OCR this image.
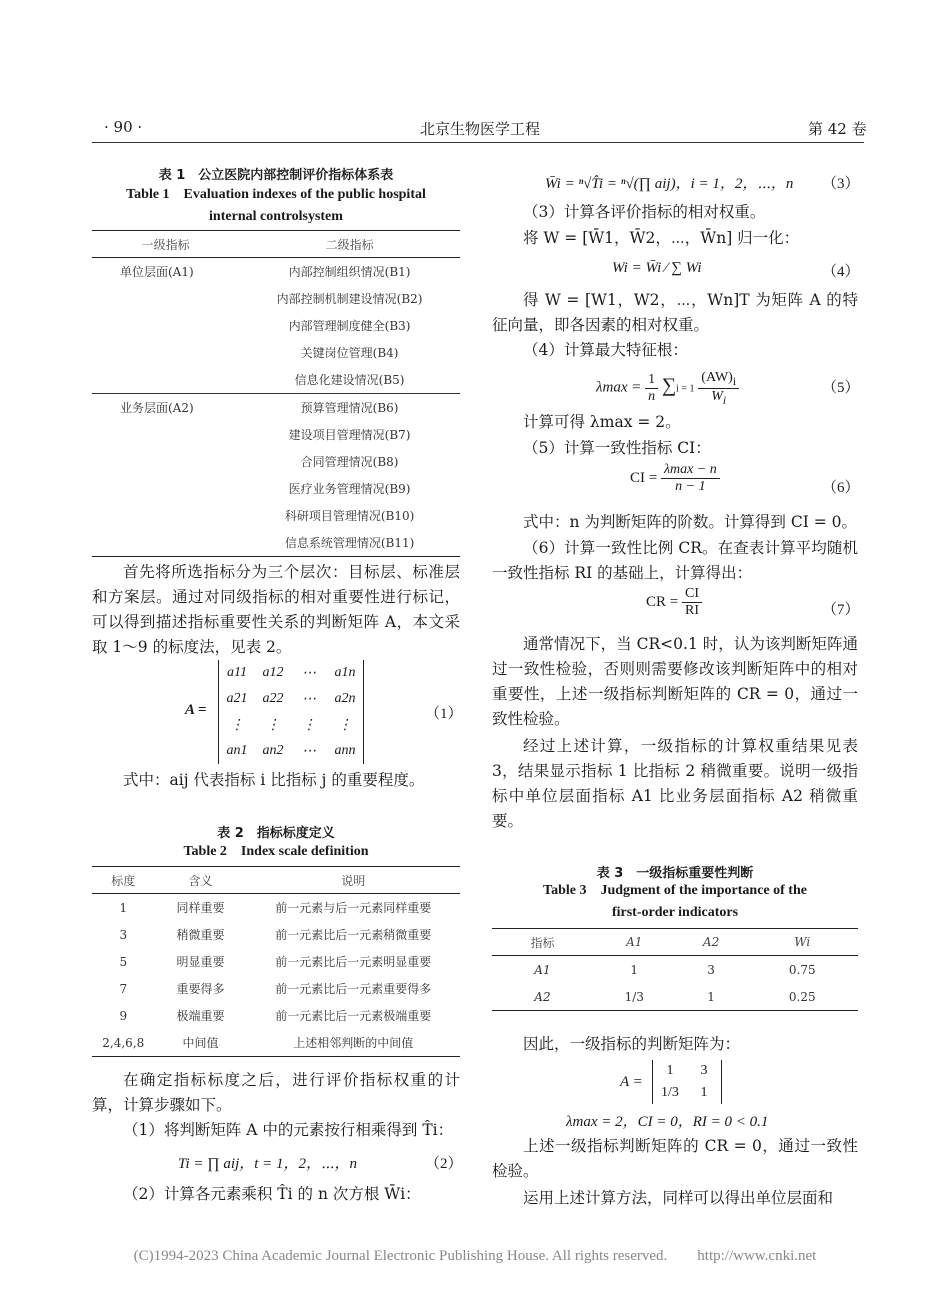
· 90 ·	北京生物医学工程	第 42 卷
表 1　公立医院内部控制评价指标体系表
Table 1　Evaluation indexes of the public hospital
internal controlsystem
一级指标	二级指标
单位层面(A1)	内部控制组织情况(B1)
	内部控制机制建设情况(B2)
	内部管理制度健全(B3)
	关键岗位管理(B4)
	信息化建设情况(B5)
业务层面(A2)	预算管理情况(B6)
	建设项目管理情况(B7)
	合同管理情况(B8)
	医疗业务管理情况(B9)
	科研项目管理情况(B10)
	信息系统管理情况(B11)
首先将所选指标分为三个层次：目标层、标准层和方案层。通过对同级指标的相对重要性进行标记，可以得到描述指标重要性关系的判断矩阵 A，本文采取 1～9 的标度法，见表 2。
A =
a11	a12	⋯	a1n
a21	a22	⋯	a2n
⋮	⋮	⋮	⋮
an1	an2	⋯	ann
（1）
式中：aij 代表指标 i 比指标 j 的重要程度。
表 2　指标标度定义
Table 2　Index scale definition
标度	含义	说明
1	同样重要	前一元素与后一元素同样重要
3	稍微重要	前一元素比后一元素稍微重要
5	明显重要	前一元素比后一元素明显重要
7	重要得多	前一元素比后一元素重要得多
9	极端重要	前一元素比后一元素极端重要
2,4,6,8	中间值	上述相邻判断的中间值
在确定指标标度之后，进行评价指标权重的计算，计算步骤如下。
（1）将判断矩阵 A 中的元素按行相乘得到 T̂i：
Ti = ∏ aij，t = 1，2，⋯，n	（2）
（2）计算各元素乘积 T̂i 的 n 次方根 W̄i：
W̄i = ⁿ√T̂i = ⁿ√(∏ aij)，i = 1，2，⋯，n （3）
（3）计算各评价指标的相对权重。
将 W = [W̄1，W̄2，⋯，W̄n] 归一化：
Wi = W̄i ⁄ ∑ Wi	（4）
得 W = [W1，W2，⋯，Wn]T 为矩阵 A 的特征向量，即各因素的相对权重。
（4）计算最大特征根：
$\lambda\max = \frac{1}{n} \sum i = 1 \frac{(AW)_i}{W_i}$	（5）
计算可得 λmax = 2。
（5）计算一致性指标 CI：
CI = $\frac{\lambda\max - n}{n - 1}$	（6）
式中：n 为判断矩阵的阶数。计算得到 CI = 0。
（6）计算一致性比例 CR。在查表计算平均随机一致性指标 RI 的基础上，计算得出：
CR = $\frac{CI}{RI}$	（7）
通常情况下，当 CR<0.1 时，认为该判断矩阵通过一致性检验，否则则需要修改该判断矩阵中的相对重要性，上述一级指标判断矩阵的 CR = 0，通过一致性检验。
经过上述计算，一级指标的计算权重结果见表 3，结果显示指标 1 比指标 2 稍微重要。说明一级指标中单位层面指标 A1 比业务层面指标 A2 稍微重要。
表 3　一级指标重要性判断
Table 3　Judgment of the importance of the
first-order indicators
指标	A1	A2	Wi
A1	1	3	0.75
A2	1/3	1	0.25
因此，一级指标的判断矩阵为：
A =
1	3
1/3	1
λmax = 2，CI = 0，RI = 0 < 0.1
上述一级指标判断矩阵的 CR = 0，通过一致性检验。
运用上述计算方法，同样可以得出单位层面和
(C)1994-2023 China Academic Journal Electronic Publishing House. All rights reserved.　　http://www.cnki.net
